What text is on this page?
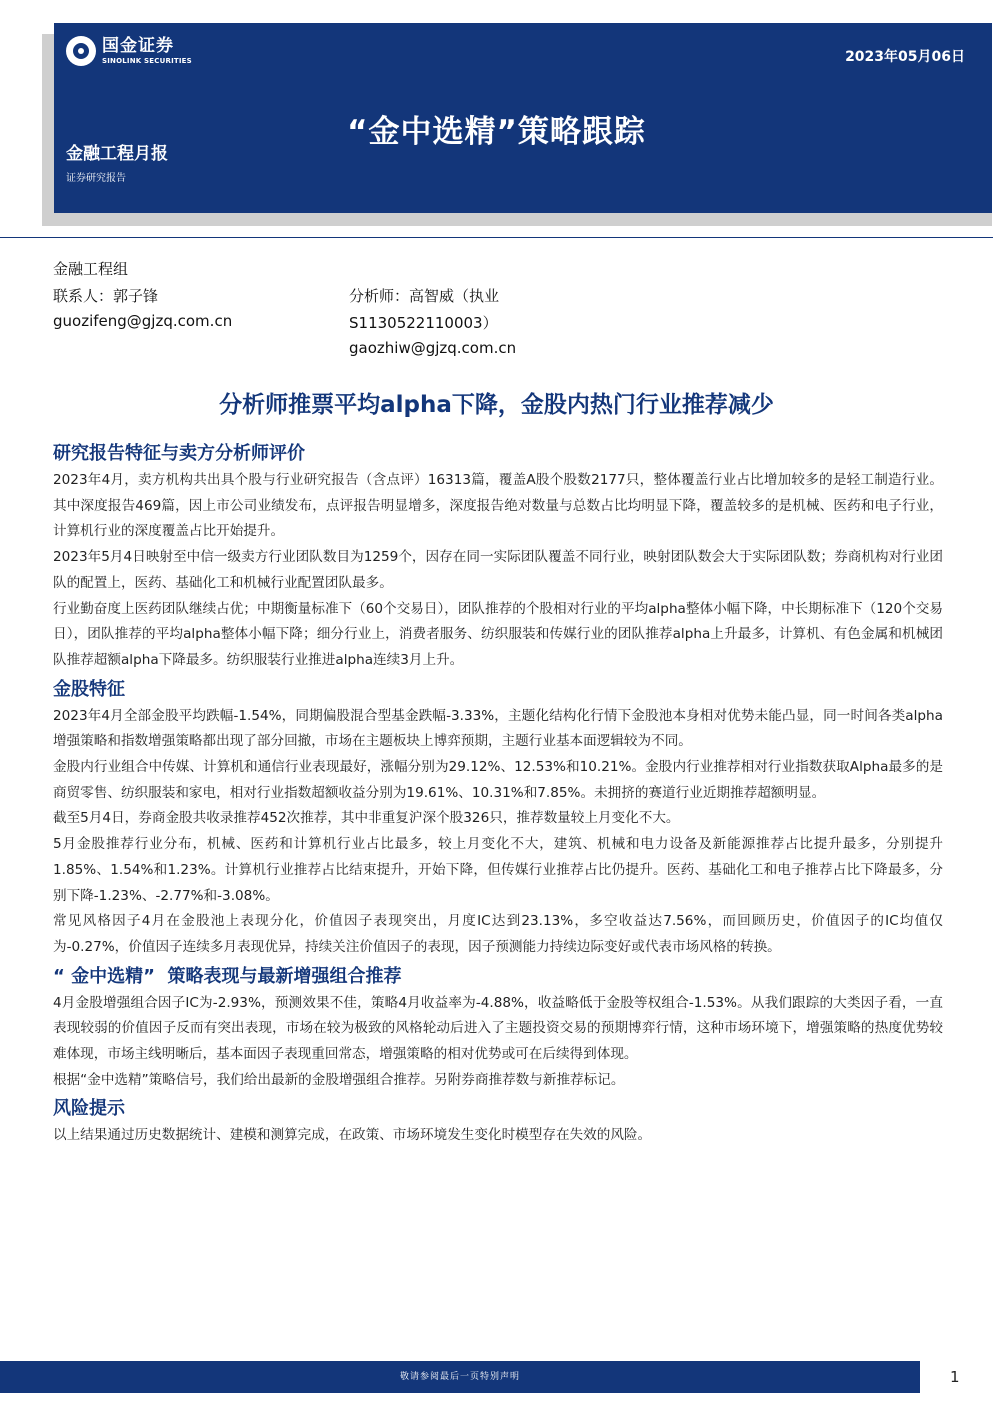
国金证券
SINOLINK SECURITIES	2023年05月06日
“金中选精”策略跟踪
金融工程月报
证券研究报告
金融工程组
联系人：郭子锋
guozifeng@gjzq.com.cn
分析师：高智威（执业
S1130522110003）
gaozhiw@gjzq.com.cn
分析师推票平均alpha下降，金股内热门行业推荐减少
研究报告特征与卖方分析师评价
2023年4月，卖方机构共出具个股与行业研究报告（含点评）16313篇，覆盖A股个股数2177只，整体覆盖行业占比增加较多的是轻工制造行业。其中深度报告469篇，因上市公司业绩发布，点评报告明显增多，深度报告绝对数量与总数占比均明显下降，覆盖较多的是机械、医药和电子行业，计算机行业的深度覆盖占比开始提升。
2023年5月4日映射至中信一级卖方行业团队数目为1259个，因存在同一实际团队覆盖不同行业，映射团队数会大于实际团队数；券商机构对行业团队的配置上，医药、基础化工和机械行业配置团队最多。
行业勤奋度上医药团队继续占优；中期衡量标准下（60个交易日），团队推荐的个股相对行业的平均alpha整体小幅下降，中长期标准下（120个交易日），团队推荐的平均alpha整体小幅下降；细分行业上，消费者服务、纺织服装和传媒行业的团队推荐alpha上升最多，计算机、有色金属和机械团队推荐超额alpha下降最多。纺织服装行业推进alpha连续3月上升。
金股特征
2023年4月全部金股平均跌幅-1.54%，同期偏股混合型基金跌幅-3.33%，主题化结构化行情下金股池本身相对优势未能凸显，同一时间各类alpha增强策略和指数增强策略都出现了部分回撤，市场在主题板块上博弈预期，主题行业基本面逻辑较为不同。
金股内行业组合中传媒、计算机和通信行业表现最好，涨幅分别为29.12%、12.53%和10.21%。金股内行业推荐相对行业指数获取Alpha最多的是商贸零售、纺织服装和家电，相对行业指数超额收益分别为19.61%、10.31%和7.85%。未拥挤的赛道行业近期推荐超额明显。
截至5月4日，券商金股共收录推荐452次推荐，其中非重复沪深个股326只，推荐数量较上月变化不大。
5月金股推荐行业分布，机械、医药和计算机行业占比最多，较上月变化不大，建筑、机械和电力设备及新能源推荐占比提升最多，分别提升1.85%、1.54%和1.23%。计算机行业推荐占比结束提升，开始下降，但传媒行业推荐占比仍提升。医药、基础化工和电子推荐占比下降最多，分别下降-1.23%、-2.77%和-3.08%。
常见风格因子4月在金股池上表现分化，价值因子表现突出，月度IC达到23.13%，多空收益达7.56%，而回顾历史，价值因子的IC均值仅为-0.27%，价值因子连续多月表现优异，持续关注价值因子的表现，因子预测能力持续边际变好或代表市场风格的转换。
“ 金中选精”  策略表现与最新增强组合推荐
4月金股增强组合因子IC为-2.93%，预测效果不佳，策略4月收益率为-4.88%，收益略低于金股等权组合-1.53%。从我们跟踪的大类因子看，一直表现较弱的价值因子反而有突出表现，市场在较为极致的风格轮动后进入了主题投资交易的预期博弈行情，这种市场环境下，增强策略的热度优势较难体现，市场主线明晰后，基本面因子表现重回常态，增强策略的相对优势或可在后续得到体现。
根据“金中选精”策略信号，我们给出最新的金股增强组合推荐。另附券商推荐数与新推荐标记。
风险提示
以上结果通过历史数据统计、建模和测算完成，在政策、市场环境发生变化时模型存在失效的风险。
敬请参阅最后一页特别声明	1
